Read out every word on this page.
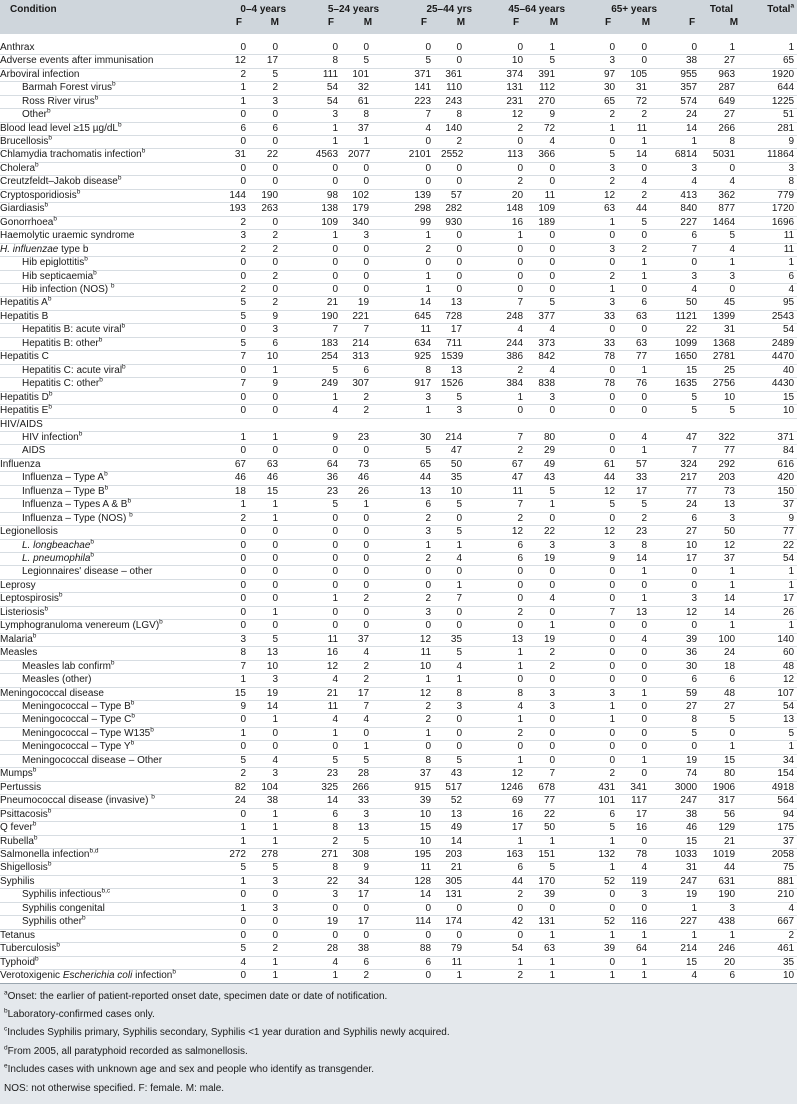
Condition	0–4 years		5–24 years		25–44 yrs		45–64 years		65+ years		Total		Total$^a$
	F	M	F	M	F	M	F	M	F	M	F	M	

Anthrax	0	0	0	0	0	0	0	1	0	0	0	1	1
Adverse events after immunisation	12	17	8	5	5	0	10	5	3	0	38	27	65
Arboviral infection	2	5	111	101	371	361	374	391	97	105	955	963	1920
Barmah Forest virus$^b$	1	2	54	32	141	110	131	112	30	31	357	287	644
Ross River virus$^b$	1	3	54	61	223	243	231	270	65	72	574	649	1225
Other$^b$	0	0	3	8	7	8	12	9	2	2	24	27	51
Blood lead level ≥15 $\mu g/dL^b$	6	6	1	37	4	140	2	72	1	11	14	266	281
Brucellosis$^b$	0	0	1	1	0	2	0	4	0	1	1	8	9
Chlamydia trachomatis infection$^b$	31	22	4563	2077	2101	2552	113	366	5	14	6814	5031	11864
Cholera$^b$	0	0	0	0	0	0	0	0	3	0	3	0	3
Creutzfeldt–Jakob disease$^b$	0	0	0	0	0	0	2	0	2	4	4	4	8
Cryptosporidiosis$^b$	144	190	98	102	139	57	20	11	12	2	413	362	779
Giardiasis$^b$	193	263	138	179	298	282	148	109	63	44	840	877	1720
Gonorrhoea$^b$	2	0	109	340	99	930	16	189	1	5	227	1464	1696
Haemolytic uraemic syndrome	3	2	1	3	1	0	1	0	0	0	6	5	11
H. influenzae type b	2	2	0	0	2	0	0	0	3	2	7	4	11
Hib epiglottitis$^b$	0	0	0	0	0	0	0	0	0	1	0	1	1
Hib septicaemia$^b$	0	2	0	0	1	0	0	0	2	1	3	3	6
Hib infection (NOS) $^b$	2	0	0	0	1	0	0	0	1	0	4	0	4
Hepatitis $A^b$	5	2	21	19	14	13	7	5	3	6	50	45	95
Hepatitis B	5	9	190	221	645	728	248	377	33	63	1121	1399	2543
Hepatitis B: acute viral$^b$	0	3	7	7	11	17	4	4	0	0	22	31	54
Hepatitis B: other$^b$	5	6	183	214	634	711	244	373	33	63	1099	1368	2489
Hepatitis C	7	10	254	313	925	1539	386	842	78	77	1650	2781	4470
Hepatitis C: acute viral$^b$	0	1	5	6	8	13	2	4	0	1	15	25	40
Hepatitis C: other$^b$	7	9	249	307	917	1526	384	838	78	76	1635	2756	4430
Hepatitis $D^b$	0	0	1	2	3	5	1	3	0	0	5	10	15
Hepatitis $E^b$	0	0	4	2	1	3	0	0	0	0	5	5	10
HIV/AIDS													
HIV infection$^b$	1	1	9	23	30	214	7	80	0	4	47	322	371
AIDS	0	0	0	0	5	47	2	29	0	1	7	77	84
Influenza	67	63	64	73	65	50	67	49	61	57	324	292	616
Influenza – Type $A^b$	46	46	36	46	44	35	47	43	44	33	217	203	420
Influenza – Type $B^b$	18	15	23	26	13	10	11	5	12	17	77	73	150
Influenza – Types A & $B^b$	1	1	5	1	6	5	7	1	5	5	24	13	37
Influenza – Type (NOS) $^b$	2	1	0	0	2	0	2	0	0	2	6	3	9
Legionellosis	0	0	0	0	3	5	12	22	12	23	27	50	77
L. longbeachae$^b$	0	0	0	0	1	1	6	3	3	8	10	12	22
L. pneumophila$^b$	0	0	0	0	2	4	6	19	9	14	17	37	54
Legionnaires' disease – other	0	0	0	0	0	0	0	0	0	1	0	1	1
Leprosy	0	0	0	0	0	1	0	0	0	0	0	1	1
Leptospirosis$^b$	0	0	1	2	2	7	0	4	0	1	3	14	17
Listeriosis$^b$	0	1	0	0	3	0	2	0	7	13	12	14	26
Lymphogranuloma venereum (LGV)$^b$	0	0	0	0	0	0	0	1	0	0	0	1	1
Malaria$^b$	3	5	11	37	12	35	13	19	0	4	39	100	140
Measles	8	13	16	4	11	5	1	2	0	0	36	24	60
Measles lab confirm$^b$	7	10	12	2	10	4	1	2	0	0	30	18	48
Measles (other)	1	3	4	2	1	1	0	0	0	0	6	6	12
Meningococcal disease	15	19	21	17	12	8	8	3	3	1	59	48	107
Meningococcal – Type $B^b$	9	14	11	7	2	3	4	3	1	0	27	27	54
Meningococcal – Type $C^b$	0	1	4	4	2	0	1	0	1	0	8	5	13
Meningococcal – Type W135$^b$	1	0	1	0	1	0	2	0	0	0	5	0	5
Meningococcal – Type $Y^b$	0	0	0	1	0	0	0	0	0	0	0	1	1
Meningococcal disease – Other	5	4	5	5	8	5	1	0	0	1	19	15	34
Mumps$^b$	2	3	23	28	37	43	12	7	2	0	74	80	154
Pertussis	82	104	325	266	915	517	1246	678	431	341	3000	1906	4918
Pneumococcal disease (invasive) $^b$	24	38	14	33	39	52	69	77	101	117	247	317	564
Psittacosis$^b$	0	1	6	3	10	13	16	22	6	17	38	56	94
Q fever$^b$	1	1	8	13	15	49	17	50	5	16	46	129	175
Rubella$^b$	1	1	2	5	10	14	1	1	1	0	15	21	37
Salmonella infection$^{b,d}$	272	278	271	308	195	203	163	151	132	78	1033	1019	2058
Shigellosis$^b$	5	5	8	9	11	21	6	5	1	4	31	44	75
Syphilis	1	3	22	34	128	305	44	170	52	119	247	631	881
Syphilis infectious$^{b,c}$	0	0	3	17	14	131	2	39	0	3	19	190	210
Syphilis congenital	1	3	0	0	0	0	0	0	0	0	1	3	4
Syphilis other$^b$	0	0	19	17	114	174	42	131	52	116	227	438	667
Tetanus	0	0	0	0	0	0	0	1	1	1	1	1	2
Tuberculosis$^b$	5	2	28	38	88	79	54	63	39	64	214	246	461
Typhoid$^b$	4	1	4	6	6	11	1	1	0	1	15	20	35
Verotoxigenic Escherichia coli infection$^b$	0	1	1	2	0	1	2	1	1	1	4	6	10
$^a$Onset: the earlier of patient-reported onset date, specimen date or date of notification.
$^b$Laboratory-confirmed cases only.
$^c$Includes Syphilis primary, Syphilis secondary, Syphilis <1 year duration and Syphilis newly acquired.
$^d$From 2005, all paratyphoid recorded as salmonellosis.
$^e$Includes cases with unknown age and sex and people who identify as transgender.
NOS: not otherwise specified. F: female. M: male.
